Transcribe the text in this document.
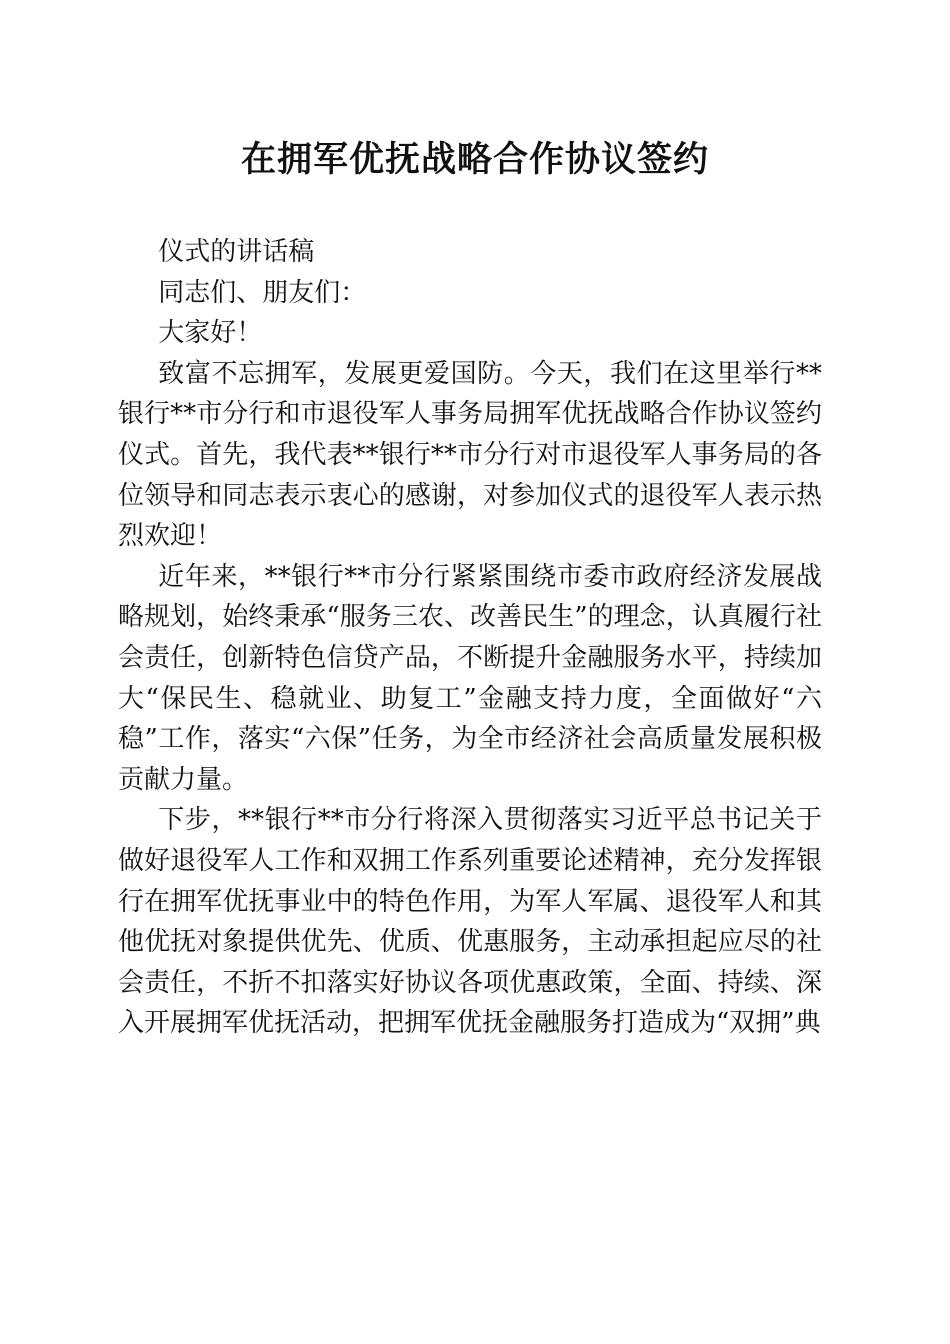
在拥军优抚战略合作协议签约

仪式的讲话稿

同志们、朋友们：

大家好！

致富不忘拥军，发展更爱国防。今天，我们在这里举行**银行**市分行和市退役军人事务局拥军优抚战略合作协议签约仪式。首先，我代表**银行**市分行对市退役军人事务局的各位领导和同志表示衷心的感谢，对参加仪式的退役军人表示热烈欢迎！

近年来，**银行**市分行紧紧围绕市委市政府经济发展战略规划，始终秉承“服务三农、改善民生”的理念，认真履行社会责任，创新特色信贷产品，不断提升金融服务水平，持续加大“保民生、稳就业、助复工”金融支持力度，全面做好“六稳”工作，落实“六保”任务，为全市经济社会高质量发展积极贡献力量。

下步，**银行**市分行将深入贯彻落实习近平总书记关于做好退役军人工作和双拥工作系列重要论述精神，充分发挥银行在拥军优抚事业中的特色作用，为军人军属、退役军人和其他优抚对象提供优先、优质、优惠服务，主动承担起应尽的社会责任，不折不扣落实好协议各项优惠政策，全面、持续、深入开展拥军优抚活动，把拥军优抚金融服务打造成为“双拥”典
